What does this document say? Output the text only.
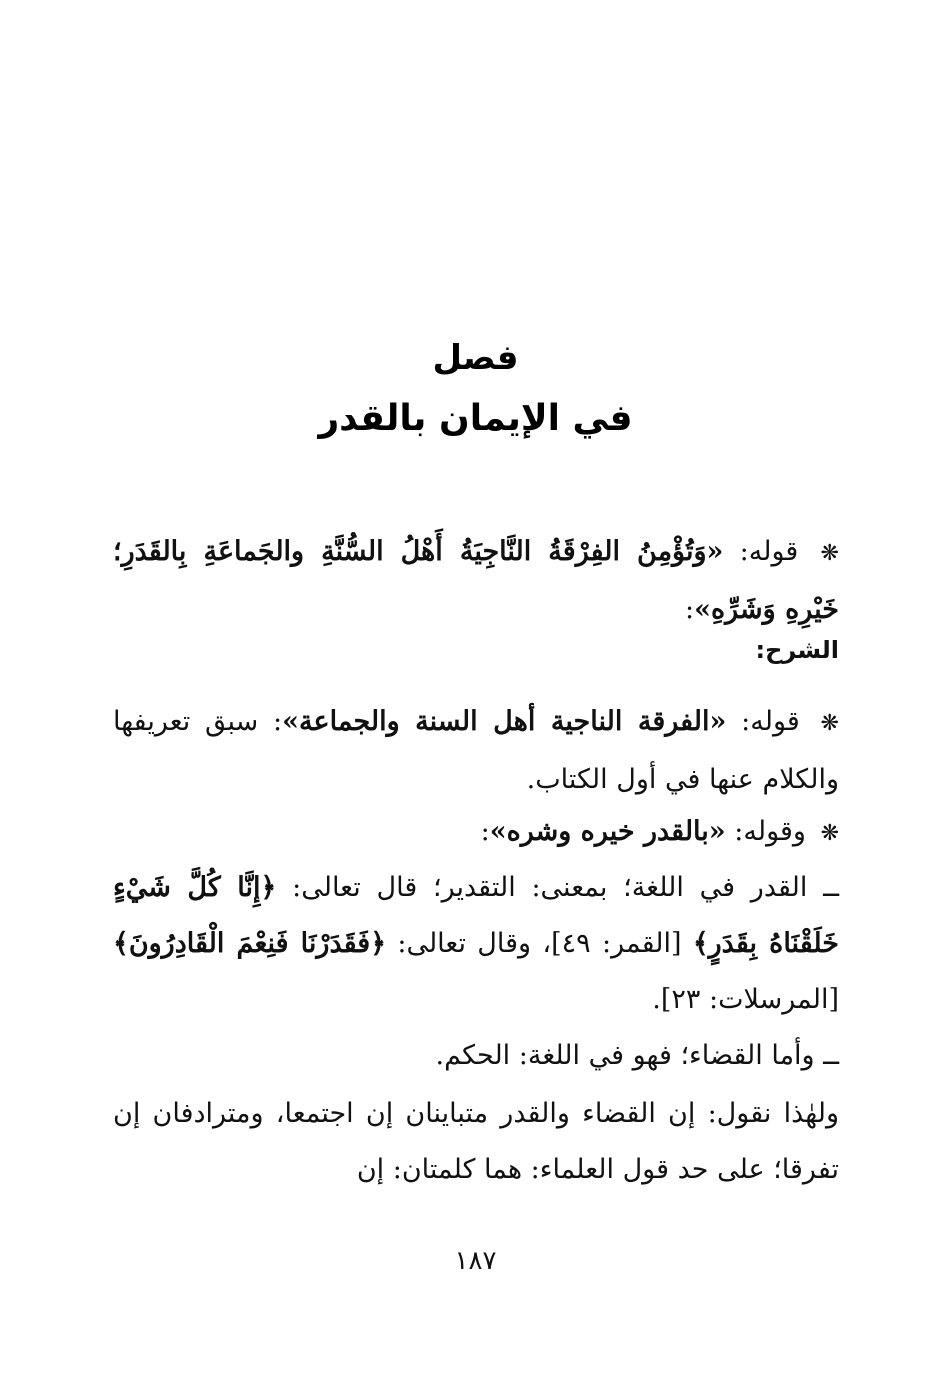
فصل
في الإيمان بالقدر
❋ قوله: «وَتُؤْمِنُ الفِرْقَةُ النَّاجِيَةُ أَهْلُ السُّنَّةِ والجَماعَةِ بِالقَدَرِ؛ خَيْرِهِ وَشَرِّهِ»:
الشرح:
❋ قوله: «الفرقة الناجية أهل السنة والجماعة»: سبق تعريفها والكلام عنها في أول الكتاب.
❋ وقوله: «بالقدر خيره وشره»:
ــ القدر في اللغة؛ بمعنى: التقدير؛ قال تعالى: ﴿إِنَّا كُلَّ شَيْءٍ خَلَقْنَاهُ بِقَدَرٍ﴾ [القمر: ٤٩]، وقال تعالى: ﴿فَقَدَرْنَا فَنِعْمَ الْقَادِرُونَ﴾ [المرسلات: ٢٣].
ــ وأما القضاء؛ فهو في اللغة: الحكم.
ولهٰذا نقول: إن القضاء والقدر متباينان إن اجتمعا، ومترادفان إن تفرقا؛ على حد قول العلماء: هما كلمتان: إن
١٨٧
